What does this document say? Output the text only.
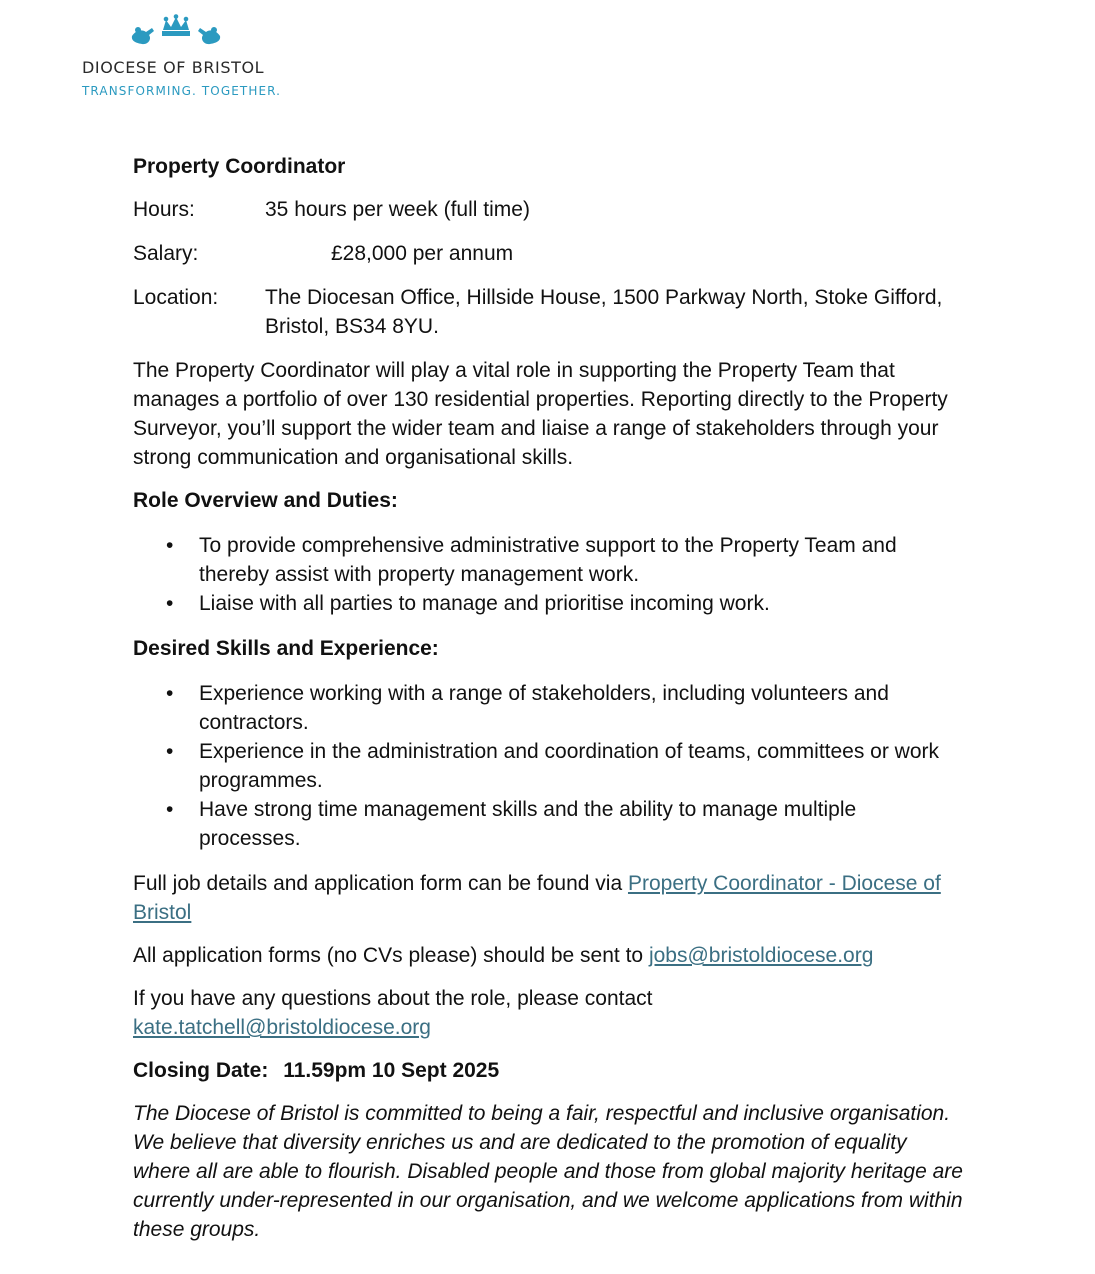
DIOCESE OF BRISTOL
TRANSFORMING. TOGETHER.

Property Coordinator

Hours:	35 hours per week (full time)
Salary:	£28,000 per annum
Location:	The Diocesan Office, Hillside House, 1500 Parkway North, Stoke Gifford, Bristol, BS34 8YU.

The Property Coordinator will play a vital role in supporting the Property Team that manages a portfolio of over 130 residential properties. Reporting directly to the Property Surveyor, you’ll support the wider team and liaise a range of stakeholders through your strong communication and organisational skills.

Role Overview and Duties:

• To provide comprehensive administrative support to the Property Team and thereby assist with property management work.
• Liaise with all parties to manage and prioritise incoming work.

Desired Skills and Experience:

• Experience working with a range of stakeholders, including volunteers and contractors.
• Experience in the administration and coordination of teams, committees or work programmes.
• Have strong time management skills and the ability to manage multiple processes.

Full job details and application form can be found via Property Coordinator - Diocese of Bristol

All application forms (no CVs please) should be sent to jobs@bristoldiocese.org

If you have any questions about the role, please contact
kate.tatchell@bristoldiocese.org

Closing Date: 11.59pm 10 Sept 2025

The Diocese of Bristol is committed to being a fair, respectful and inclusive organisation. We believe that diversity enriches us and are dedicated to the promotion of equality where all are able to flourish. Disabled people and those from global majority heritage are currently under-represented in our organisation, and we welcome applications from within these groups.
